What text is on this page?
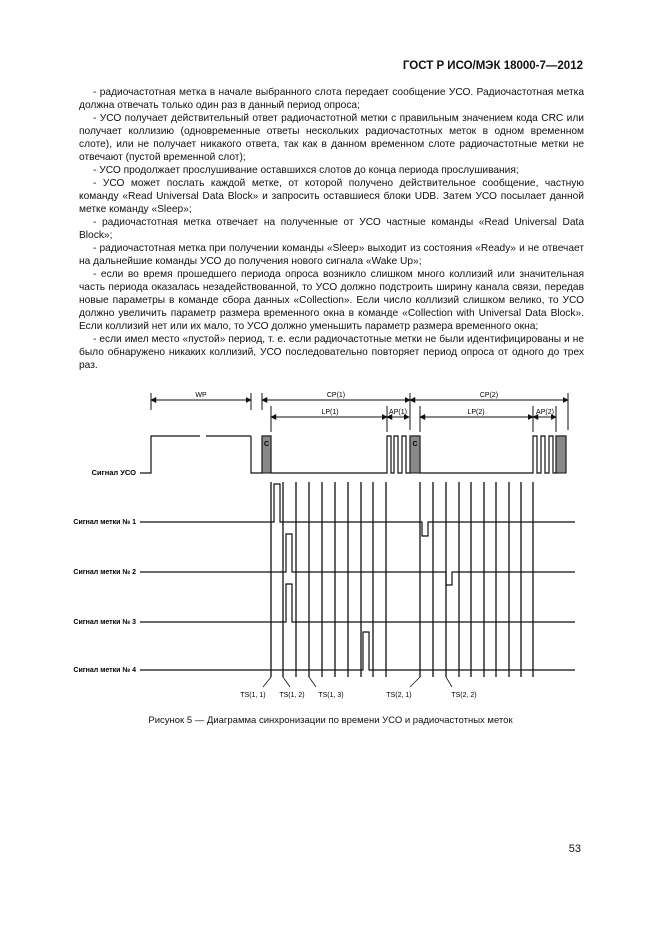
ГОСТ Р ИСО/МЭК 18000-7—2012

- радиочастотная метка в начале выбранного слота передает сообщение УСО. Радиочастотная метка должна отвечать только один раз в данный период опроса;

- УСО получает действительный ответ радиочастотной метки с правильным значением кода CRC или получает коллизию (одновременные ответы нескольких радиочастотных меток в одном временном слоте), или не получает никакого ответа, так как в данном временном слоте радиочастотные метки не отвечают (пустой временной слот);

- УСО продолжает прослушивание оставшихся слотов до конца периода прослушивания;

- УСО может послать каждой метке, от которой получено действительное сообщение, частную команду «Read Universal Data Block» и запросить оставшиеся блоки UDB. Затем УСО посылает данной метке команду «Sleep»;

- радиочастотная метка отвечает на полученные от УСО частные команды «Read Universal Data Block»;

- радиочастотная метка при получении команды «Sleep» выходит из состояния «Ready» и не отвечает на дальнейшие команды УСО до получения нового сигнала «Wake Up»;

- если во время прошедшего периода опроса возникло слишком много коллизий или значительная часть периода оказалась незадействованной, то УСО должно подстроить ширину канала связи, передав новые параметры в команде сбора данных «Collection». Если число коллизий слишком велико, то УСО должно увеличить параметр размера временного окна в команде «Collection with Universal Data Block». Если коллизий нет или их мало, то УСО должно уменьшить параметр размера временного окна;

- если имел место «пустой» период, т. е. если радиочастотные метки не были идентифицированы и не было обнаружено никаких коллизий, УСО последовательно повторяет период опроса от одного до трех раз.

WP	CP(1)	CP(2)
LP(1)	LP(2)
AP(1)	AP(2)
C	C
Сигнал УСО
Сигнал метки № 1
Сигнал метки № 2
Сигнал метки № 3
Сигнал метки № 4
TS(1, 1) TS(1, 2) TS(1, 3)	TS(2, 1)	TS(2, 2)
Рисунок 5 — Диаграмма синхронизации по времени УСО и радиочастотных меток
53
